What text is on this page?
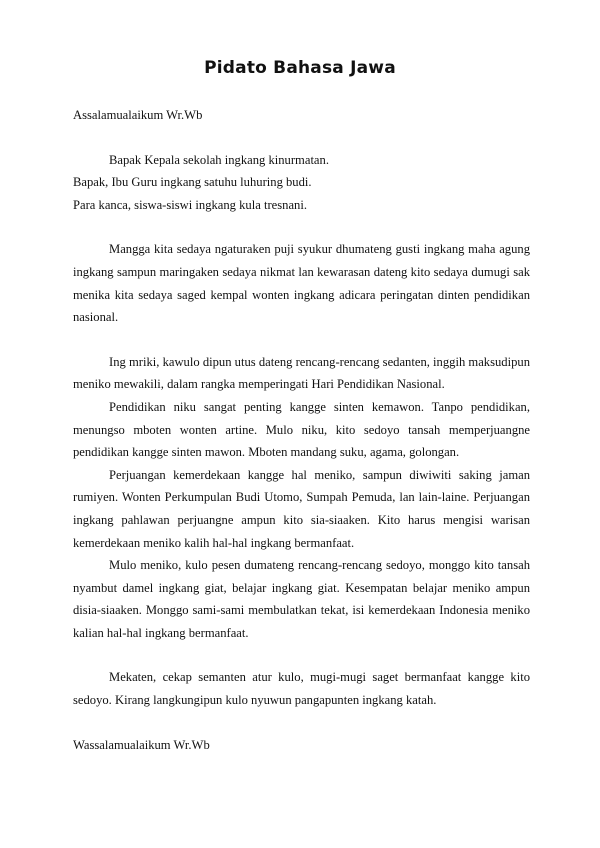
Pidato Bahasa Jawa

Assalamualaikum Wr.Wb

Bapak Kepala sekolah ingkang kinurmatan.

Bapak, Ibu Guru ingkang satuhu luhuring budi.

Para kanca, siswa-siswi ingkang kula tresnani.

Mangga kita sedaya ngaturaken puji syukur dhumateng gusti ingkang maha agung ingkang sampun maringaken sedaya nikmat lan kewarasan dateng kito sedaya dumugi sak menika kita sedaya saged kempal wonten ingkang adicara peringatan dinten pendidikan nasional.

Ing mriki, kawulo dipun utus dateng rencang-rencang sedanten, inggih maksudipun meniko mewakili, dalam rangka memperingati Hari Pendidikan Nasional.

Pendidikan niku sangat penting kangge sinten kemawon. Tanpo pendidikan, menungso mboten wonten artine. Mulo niku, kito sedoyo tansah memperjuangne pendidikan kangge sinten mawon. Mboten mandang suku, agama, golongan.

Perjuangan kemerdekaan kangge hal meniko, sampun diwiwiti saking jaman rumiyen. Wonten Perkumpulan Budi Utomo, Sumpah Pemuda, lan lain-laine. Perjuangan ingkang pahlawan perjuangne ampun kito sia-siaaken. Kito harus mengisi warisan kemerdekaan meniko kalih hal-hal ingkang bermanfaat.

Mulo meniko, kulo pesen dumateng rencang-rencang sedoyo, monggo kito tansah nyambut damel ingkang giat, belajar ingkang giat. Kesempatan belajar meniko ampun disia-siaaken. Monggo sami-sami membulatkan tekat, isi kemerdekaan Indonesia meniko kalian hal-hal ingkang bermanfaat.

Mekaten, cekap semanten atur kulo, mugi-mugi saget bermanfaat kangge kito sedoyo. Kirang langkungipun kulo nyuwun pangapunten ingkang katah.

Wassalamualaikum Wr.Wb
